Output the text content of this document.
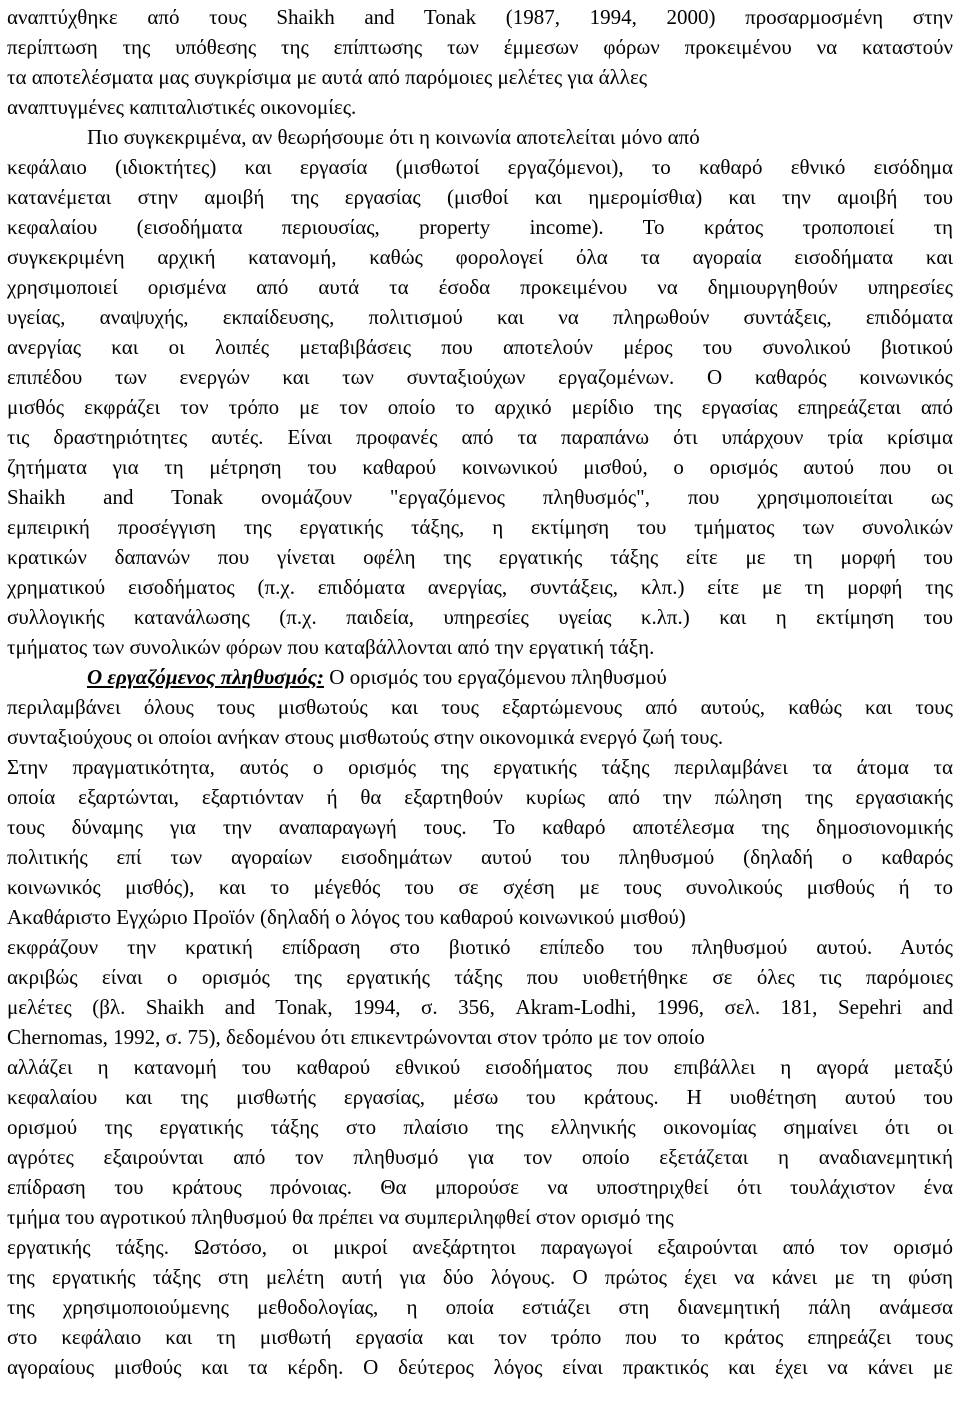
αναπτύχθηκε από τους Shaikh and Tonak (1987, 1994, 2000) προσαρμοσμένη στην
περίπτωση της υπόθεσης της επίπτωσης των έμμεσων φόρων προκειμένου να καταστούν
τα αποτελέσματα μας συγκρίσιμα με αυτά από παρόμοιες μελέτες για άλλες
αναπτυγμένες καπιταλιστικές οικονομίες.
Πιο συγκεκριμένα, αν θεωρήσουμε ότι η κοινωνία αποτελείται μόνο από
κεφάλαιο (ιδιοκτήτες) και εργασία (μισθωτοί εργαζόμενοι), το καθαρό εθνικό εισόδημα
κατανέμεται στην αμοιβή της εργασίας (μισθοί και ημερομίσθια) και την αμοιβή του
κεφαλαίου (εισοδήματα περιουσίας, property income). Το κράτος τροποποιεί τη
συγκεκριμένη αρχική κατανομή, καθώς φορολογεί όλα τα αγοραία εισοδήματα και
χρησιμοποιεί ορισμένα από αυτά τα έσοδα προκειμένου να δημιουργηθούν υπηρεσίες
υγείας, αναψυχής, εκπαίδευσης, πολιτισμού και να πληρωθούν συντάξεις, επιδόματα
ανεργίας και οι λοιπές μεταβιβάσεις που αποτελούν μέρος του συνολικού βιοτικού
επιπέδου των ενεργών και των συνταξιούχων εργαζομένων. Ο καθαρός κοινωνικός
μισθός εκφράζει τον τρόπο με τον οποίο το αρχικό μερίδιο της εργασίας επηρεάζεται από
τις δραστηριότητες αυτές. Είναι προφανές από τα παραπάνω ότι υπάρχουν τρία κρίσιμα
ζητήματα για τη μέτρηση του καθαρού κοινωνικού μισθού, ο ορισμός αυτού που οι
Shaikh and Tonak ονομάζουν "εργαζόμενος πληθυσμός", που χρησιμοποιείται ως
εμπειρική προσέγγιση της εργατικής τάξης, η εκτίμηση του τμήματος των συνολικών
κρατικών δαπανών που γίνεται οφέλη της εργατικής τάξης είτε με τη μορφή του
χρηματικού εισοδήματος (π.χ. επιδόματα ανεργίας, συντάξεις, κλπ.) είτε με τη μορφή της
συλλογικής κατανάλωσης (π.χ. παιδεία, υπηρεσίες υγείας κ.λπ.) και η εκτίμηση του
τμήματος των συνολικών φόρων που καταβάλλονται από την εργατική τάξη.
Ο εργαζόμενος πληθυσμός: Ο ορισμός του εργαζόμενου πληθυσμού
περιλαμβάνει όλους τους μισθωτούς και τους εξαρτώμενους από αυτούς, καθώς και τους
συνταξιούχους οι οποίοι ανήκαν στους μισθωτούς στην οικονομικά ενεργό ζωή τους.
Στην πραγματικότητα, αυτός ο ορισμός της εργατικής τάξης περιλαμβάνει τα άτομα τα
οποία εξαρτώνται, εξαρτιόνταν ή θα εξαρτηθούν κυρίως από την πώληση της εργασιακής
τους δύναμης για την αναπαραγωγή τους. Το καθαρό αποτέλεσμα της δημοσιονομικής
πολιτικής επί των αγοραίων εισοδημάτων αυτού του πληθυσμού (δηλαδή ο καθαρός
κοινωνικός μισθός), και το μέγεθός του σε σχέση με τους συνολικούς μισθούς ή το
Ακαθάριστο Εγχώριο Προϊόν (δηλαδή ο λόγος του καθαρού κοινωνικού μισθού)
εκφράζουν την κρατική επίδραση στο βιοτικό επίπεδο του πληθυσμού αυτού. Αυτός
ακριβώς είναι ο ορισμός της εργατικής τάξης που υιοθετήθηκε σε όλες τις παρόμοιες
μελέτες (βλ. Shaikh and Tonak, 1994, σ. 356, Akram-Lodhi, 1996, σελ. 181, Sepehri and
Chernomas, 1992, σ. 75), δεδομένου ότι επικεντρώνονται στον τρόπο με τον οποίο
αλλάζει η κατανομή του καθαρού εθνικού εισοδήματος που επιβάλλει η αγορά μεταξύ
κεφαλαίου και της μισθωτής εργασίας, μέσω του κράτους. Η υιοθέτηση αυτού του
ορισμού της εργατικής τάξης στο πλαίσιο της ελληνικής οικονομίας σημαίνει ότι οι
αγρότες εξαιρούνται από τον πληθυσμό για τον οποίο εξετάζεται η αναδιανεμητική
επίδραση του κράτους πρόνοιας. Θα μπορούσε να υποστηριχθεί ότι τουλάχιστον ένα
τμήμα του αγροτικού πληθυσμού θα πρέπει να συμπεριληφθεί στον ορισμό της
εργατικής τάξης. Ωστόσο, οι μικροί ανεξάρτητοι παραγωγοί εξαιρούνται από τον ορισμό
της εργατικής τάξης στη μελέτη αυτή για δύο λόγους. Ο πρώτος έχει να κάνει με τη φύση
της χρησιμοποιούμενης μεθοδολογίας, η οποία εστιάζει στη διανεμητική πάλη ανάμεσα
στο κεφάλαιο και τη μισθωτή εργασία και τον τρόπο που το κράτος επηρεάζει τους
αγοραίους μισθούς και τα κέρδη. Ο δεύτερος λόγος είναι πρακτικός και έχει να κάνει με
